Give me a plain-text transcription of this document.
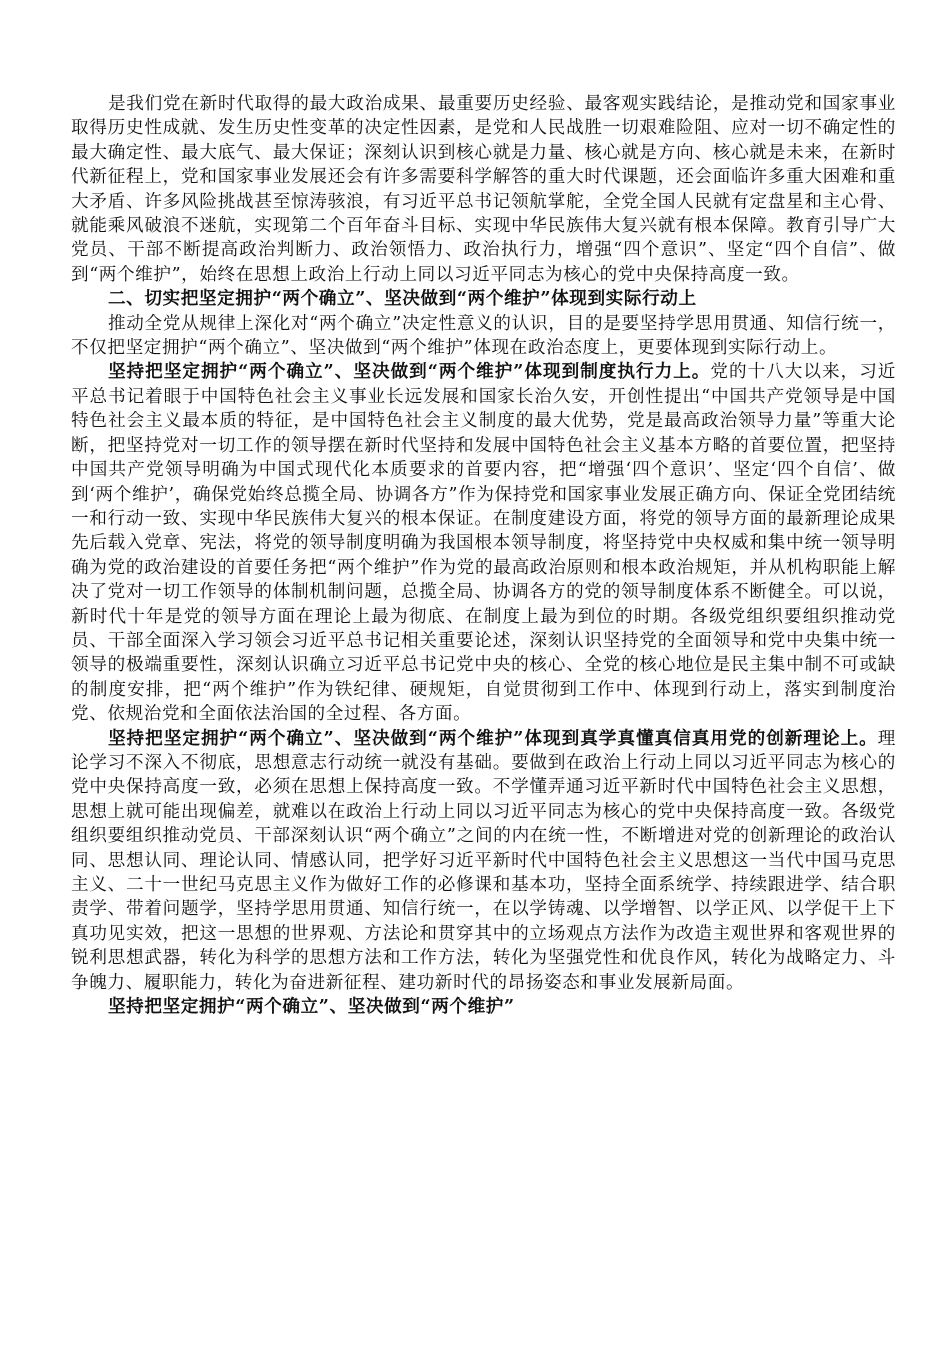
是我们党在新时代取得的最大政治成果、最重要历史经验、最客观实践结论，是推动党和国家事业取得历史性成就、发生历史性变革的决定性因素，是党和人民战胜一切艰难险阻、应对一切不确定性的最大确定性、最大底气、最大保证；深刻认识到核心就是力量、核心就是方向、核心就是未来，在新时代新征程上，党和国家事业发展还会有许多需要科学解答的重大时代课题，还会面临许多重大困难和重大矛盾、许多风险挑战甚至惊涛骇浪，有习近平总书记领航掌舵，全党全国人民就有定盘星和主心骨、就能乘风破浪不迷航，实现第二个百年奋斗目标、实现中华民族伟大复兴就有根本保障。教育引导广大党员、干部不断提高政治判断力、政治领悟力、政治执行力，增强“四个意识”、坚定“四个自信”、做到“两个维护”，始终在思想上政治上行动上同以习近平同志为核心的党中央保持高度一致。

二、切实把坚定拥护“两个确立”、坚决做到“两个维护”体现到实际行动上

推动全党从规律上深化对“两个确立”决定性意义的认识，目的是要坚持学思用贯通、知信行统一，不仅把坚定拥护“两个确立”、坚决做到“两个维护”体现在政治态度上，更要体现到实际行动上。

坚持把坚定拥护“两个确立”、坚决做到“两个维护”体现到制度执行力上。党的十八大以来，习近平总书记着眼于中国特色社会主义事业长远发展和国家长治久安，开创性提出“中国共产党领导是中国特色社会主义最本质的特征，是中国特色社会主义制度的最大优势，党是最高政治领导力量”等重大论断，把坚持党对一切工作的领导摆在新时代坚持和发展中国特色社会主义基本方略的首要位置，把坚持中国共产党领导明确为中国式现代化本质要求的首要内容，把“增强‘四个意识’、坚定‘四个自信’、做到‘两个维护’，确保党始终总揽全局、协调各方”作为保持党和国家事业发展正确方向、保证全党团结统一和行动一致、实现中华民族伟大复兴的根本保证。在制度建设方面，将党的领导方面的最新理论成果先后载入党章、宪法，将党的领导制度明确为我国根本领导制度，将坚持党中央权威和集中统一领导明确为党的政治建设的首要任务把“两个维护”作为党的最高政治原则和根本政治规矩，并从机构职能上解决了党对一切工作领导的体制机制问题，总揽全局、协调各方的党的领导制度体系不断健全。可以说，新时代十年是党的领导方面在理论上最为彻底、在制度上最为到位的时期。各级党组织要组织推动党员、干部全面深入学习领会习近平总书记相关重要论述，深刻认识坚持党的全面领导和党中央集中统一领导的极端重要性，深刻认识确立习近平总书记党中央的核心、全党的核心地位是民主集中制不可或缺的制度安排，把“两个维护”作为铁纪律、硬规矩，自觉贯彻到工作中、体现到行动上，落实到制度治党、依规治党和全面依法治国的全过程、各方面。

坚持把坚定拥护“两个确立”、坚决做到“两个维护”体现到真学真懂真信真用党的创新理论上。理论学习不深入不彻底，思想意志行动统一就没有基础。要做到在政治上行动上同以习近平同志为核心的党中央保持高度一致，必须在思想上保持高度一致。不学懂弄通习近平新时代中国特色社会主义思想，思想上就可能出现偏差，就难以在政治上行动上同以习近平同志为核心的党中央保持高度一致。各级党组织要组织推动党员、干部深刻认识“两个确立”之间的内在统一性，不断增进对党的创新理论的政治认同、思想认同、理论认同、情感认同，把学好习近平新时代中国特色社会主义思想这一当代中国马克思主义、二十一世纪马克思主义作为做好工作的必修课和基本功，坚持全面系统学、持续跟进学、结合职责学、带着问题学，坚持学思用贯通、知信行统一，在以学铸魂、以学增智、以学正风、以学促干上下真功见实效，把这一思想的世界观、方法论和贯穿其中的立场观点方法作为改造主观世界和客观世界的锐利思想武器，转化为科学的思想方法和工作方法，转化为坚强党性和优良作风，转化为战略定力、斗争魄力、履职能力，转化为奋进新征程、建功新时代的昂扬姿态和事业发展新局面。

坚持把坚定拥护“两个确立”、坚决做到“两个维护”
